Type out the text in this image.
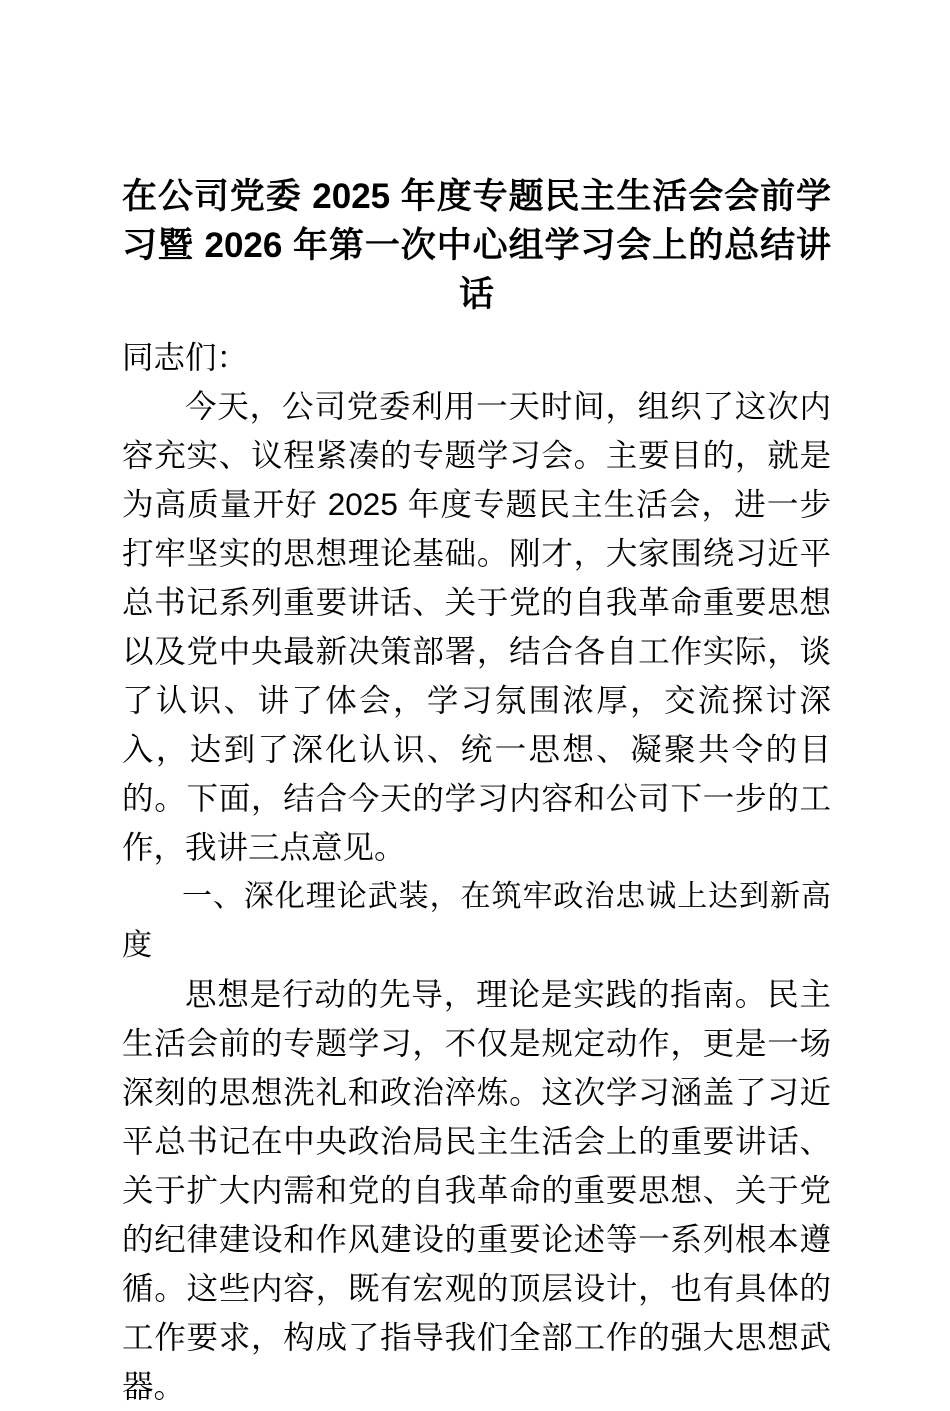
在公司党委 2025 年度专题民主生活会会前学习暨 2026 年第一次中心组学习会上的总结讲话

同志们：

今天，公司党委利用一天时间，组织了这次内容充实、议程紧凑的专题学习会。主要目的，就是为高质量开好 2025 年度专题民主生活会，进一步打牢坚实的思想理论基础。刚才，大家围绕习近平总书记系列重要讲话、关于党的自我革命重要思想以及党中央最新决策部署，结合各自工作实际，谈了认识、讲了体会，学习氛围浓厚，交流探讨深入，达到了深化认识、统一思想、凝聚共令的目的。下面，结合今天的学习内容和公司下一步的工作，我讲三点意见。

一、深化理论武装，在筑牢政治忠诚上达到新高度

思想是行动的先导，理论是实践的指南。民主生活会前的专题学习，不仅是规定动作，更是一场深刻的思想洗礼和政治淬炼。这次学习涵盖了习近平总书记在中央政治局民主生活会上的重要讲话、关于扩大内需和党的自我革命的重要思想、关于党的纪律建设和作风建设的重要论述等一系列根本遵循。这些内容，既有宏观的顶层设计，也有具体的工作要求，构成了指导我们全部工作的强大思想武器。
